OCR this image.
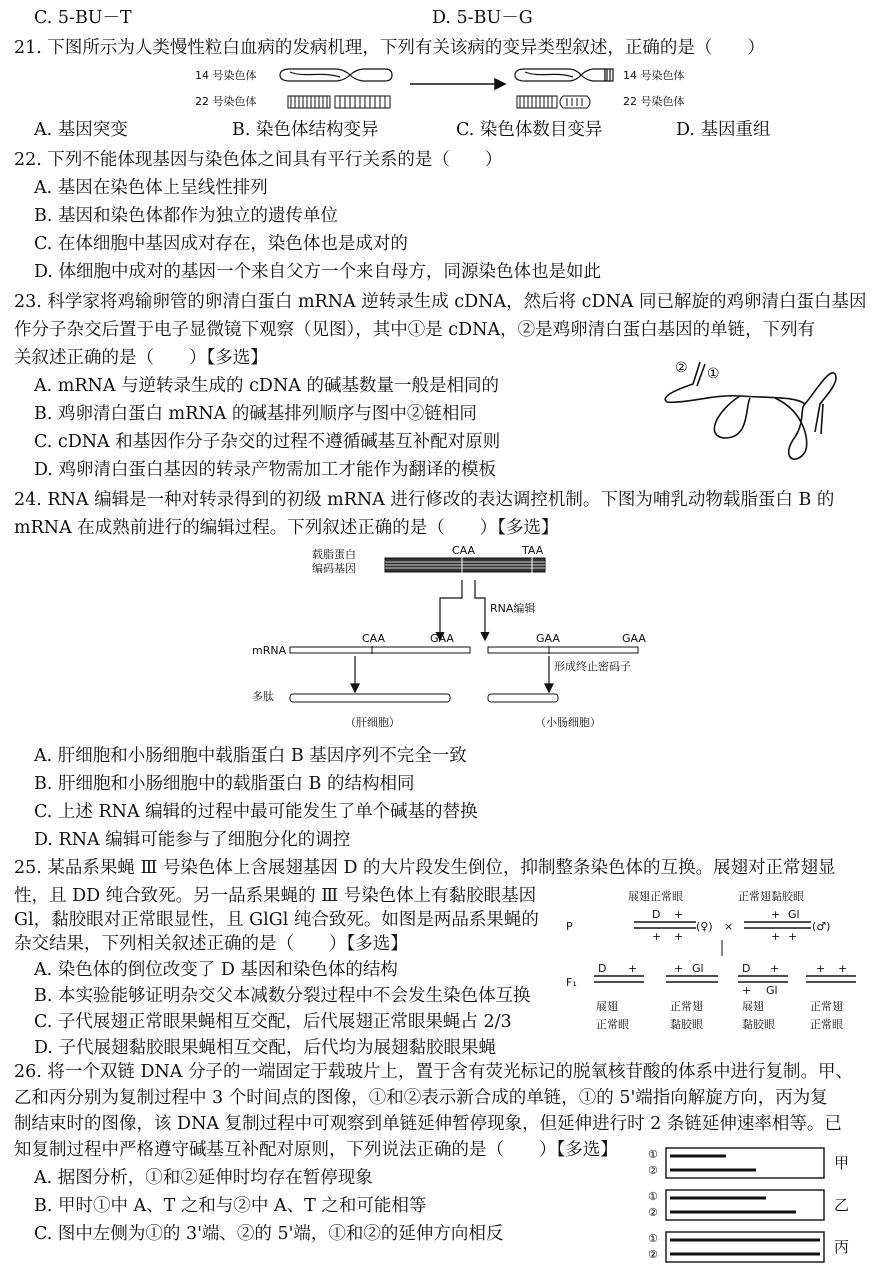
C. 5-BU－T	D. 5-BU－G
21. 下图所示为人类慢性粒白血病的发病机理，下列有关该病的变异类型叙述，正确的是（　　）
14 号染色体
22 号染色体
14 号染色体
22 号染色体
A. 基因突变	B. 染色体结构变异	C. 染色体数目变异	D. 基因重组
22. 下列不能体现基因与染色体之间具有平行关系的是（　　）
A. 基因在染色体上呈线性排列
B. 基因和染色体都作为独立的遗传单位
C. 在体细胞中基因成对存在，染色体也是成对的
D. 体细胞中成对的基因一个来自父方一个来自母方，同源染色体也是如此
23. 科学家将鸡输卵管的卵清白蛋白 mRNA 逆转录生成 cDNA，然后将 cDNA 同已解旋的鸡卵清白蛋白基因
作分子杂交后置于电子显微镜下观察（见图），其中①是 cDNA，②是鸡卵清白蛋白基因的单链，下列有
关叙述正确的是（　　）【多选】
A. mRNA 与逆转录生成的 cDNA 的碱基数量一般是相同的
B. 鸡卵清白蛋白 mRNA 的碱基排列顺序与图中②链相同
C. cDNA 和基因作分子杂交的过程不遵循碱基互补配对原则
D. 鸡卵清白蛋白基因的转录产物需加工才能作为翻译的模板
② ①
24. RNA 编辑是一种对转录得到的初级 mRNA 进行修改的表达调控机制。下图为哺乳动物载脂蛋白 B 的
mRNA 在成熟前进行的编辑过程。下列叙述正确的是（　　）【多选】
载脂蛋白
编码基因
CAA	TAA
RNA编辑
mRNA
CAA	GAA	GAA	GAA
形成终止密码子
多肽
（肝细胞）	（小肠细胞）
A. 肝细胞和小肠细胞中载脂蛋白 B 基因序列不完全一致
B. 肝细胞和小肠细胞中的载脂蛋白 B 的结构相同
C. 上述 RNA 编辑的过程中最可能发生了单个碱基的替换
D. RNA 编辑可能参与了细胞分化的调控
25. 某品系果蝇 Ⅲ 号染色体上含展翅基因 D 的大片段发生倒位，抑制整条染色体的互换。展翅对正常翅显
性，且 DD 纯合致死。另一品系果蝇的 Ⅲ 号染色体上有黏胶眼基因
Gl，黏胶眼对正常眼显性，且 GlGl 纯合致死。如图是两品系果蝇的
杂交结果，下列相关叙述正确的是（　　）【多选】
A. 染色体的倒位改变了 D 基因和染色体的结构
B. 本实验能够证明杂交父本减数分裂过程中不会发生染色体互换
C. 子代展翅正常眼果蝇相互交配，后代展翅正常眼果蝇占 2/3
D. 子代展翅黏胶眼果蝇相互交配，后代均为展翅黏胶眼果蝇
展翅正常眼	正常翅黏胶眼
P
D +	+ Gl
(♀)	(♂)
×
+ +	+ +
F₁
D +	+ Gl	D +	+ +
+ Gl
展翅
正常眼
正常翅
黏胶眼
展翅
黏胶眼
正常翅
正常眼
26. 将一个双链 DNA 分子的一端固定于载玻片上，置于含有荧光标记的脱氧核苷酸的体系中进行复制。甲、
乙和丙分别为复制过程中 3 个时间点的图像，①和②表示新合成的单链，①的 5'端指向解旋方向，丙为复
制结束时的图像，该 DNA 复制过程中可观察到单链延伸暂停现象，但延伸进行时 2 条链延伸速率相等。已
知复制过程中严格遵守碱基互补配对原则，下列说法正确的是（　　）【多选】
A. 据图分析，①和②延伸时均存在暂停现象
B. 甲时①中 A、T 之和与②中 A、T 之和可能相等
C. 图中左侧为①的 3'端、②的 5'端，①和②的延伸方向相反
①
②	甲
①
②	乙
①
②	丙
